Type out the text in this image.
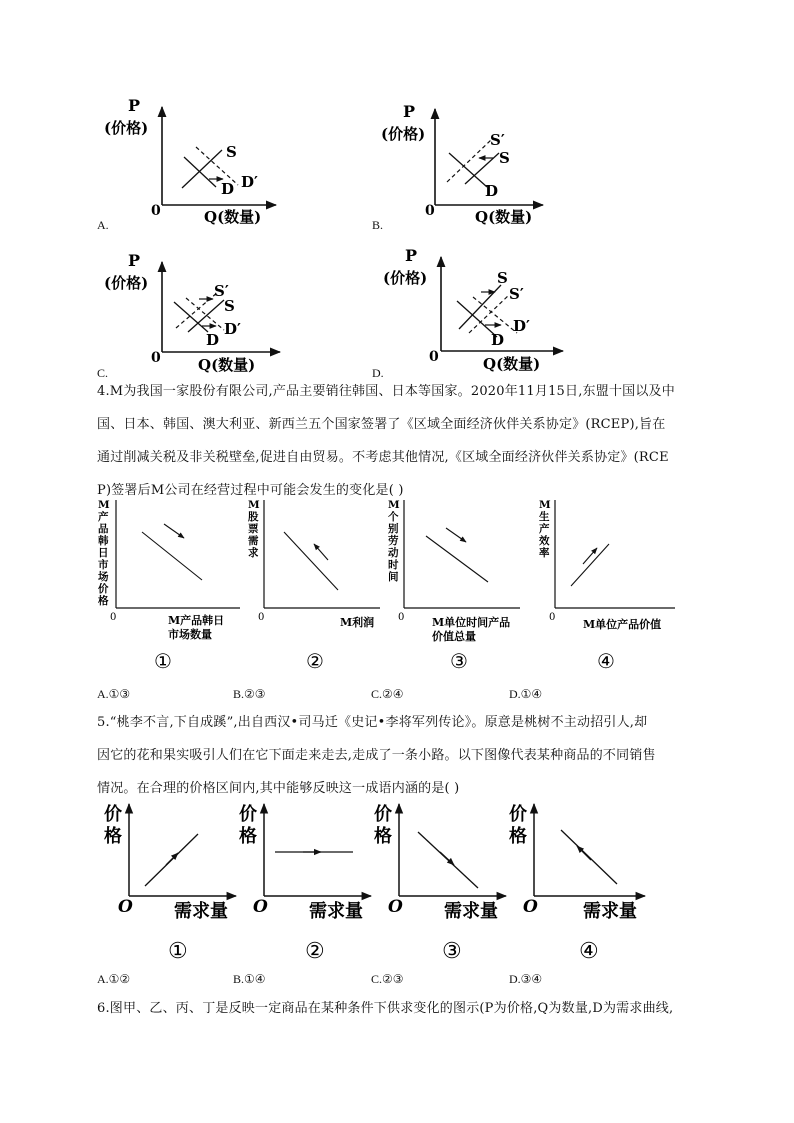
P
(价格)
0	Q(数量)
S
D D′
A.
P
(价格)
0	Q(数量)
S′
S
D
B.
P
(价格)
0 Q(数量)
S′
S
D′
D
C.
P
(价格)
0	Q(数量)
S
S′
D′
D
D.
4.M为我国一家股份有限公司,产品主要销往韩国、日本等国家。2020年11月15日,东盟十国以及中
国、日本、韩国、澳大利亚、新西兰五个国家签署了《区域全面经济伙伴关系协定》(RCEP),旨在
通过削减关税及非关税壁垒,促进自由贸易。不考虑其他情况,《区域全面经济伙伴关系协定》(RCE
P)签署后M公司在经营过程中可能会发生的变化是( )
M
产
品
韩
日
市
场
价
格
0	M产品韩日
市场数量
①
M
股
票
需
求
0	M利润
②
M
个
别
劳
动
时
间
0	M单位时间产品
价值总量
③
M
生
产
效
率
0
M单位产品价值
④
A.①③	B.②③	C.②④	D.①④
5.“桃李不言,下自成蹊”,出自西汉•司马迁《史记•李将军列传论》。原意是桃树不主动招引人,却
因它的花和果实吸引人们在它下面走来走去,走成了一条小路。以下图像代表某种商品的不同销售
情况。在合理的价格区间内,其中能够反映这一成语内涵的是( )
价
格
O 需求量
①
价
格
O 需求量
②
价
格
O 需求量
③
价
格
O	需求量
④
A.①②	B.①④	C.②③	D.③④
6.图甲、乙、丙、丁是反映一定商品在某种条件下供求变化的图示(P为价格,Q为数量,D为需求曲线,
